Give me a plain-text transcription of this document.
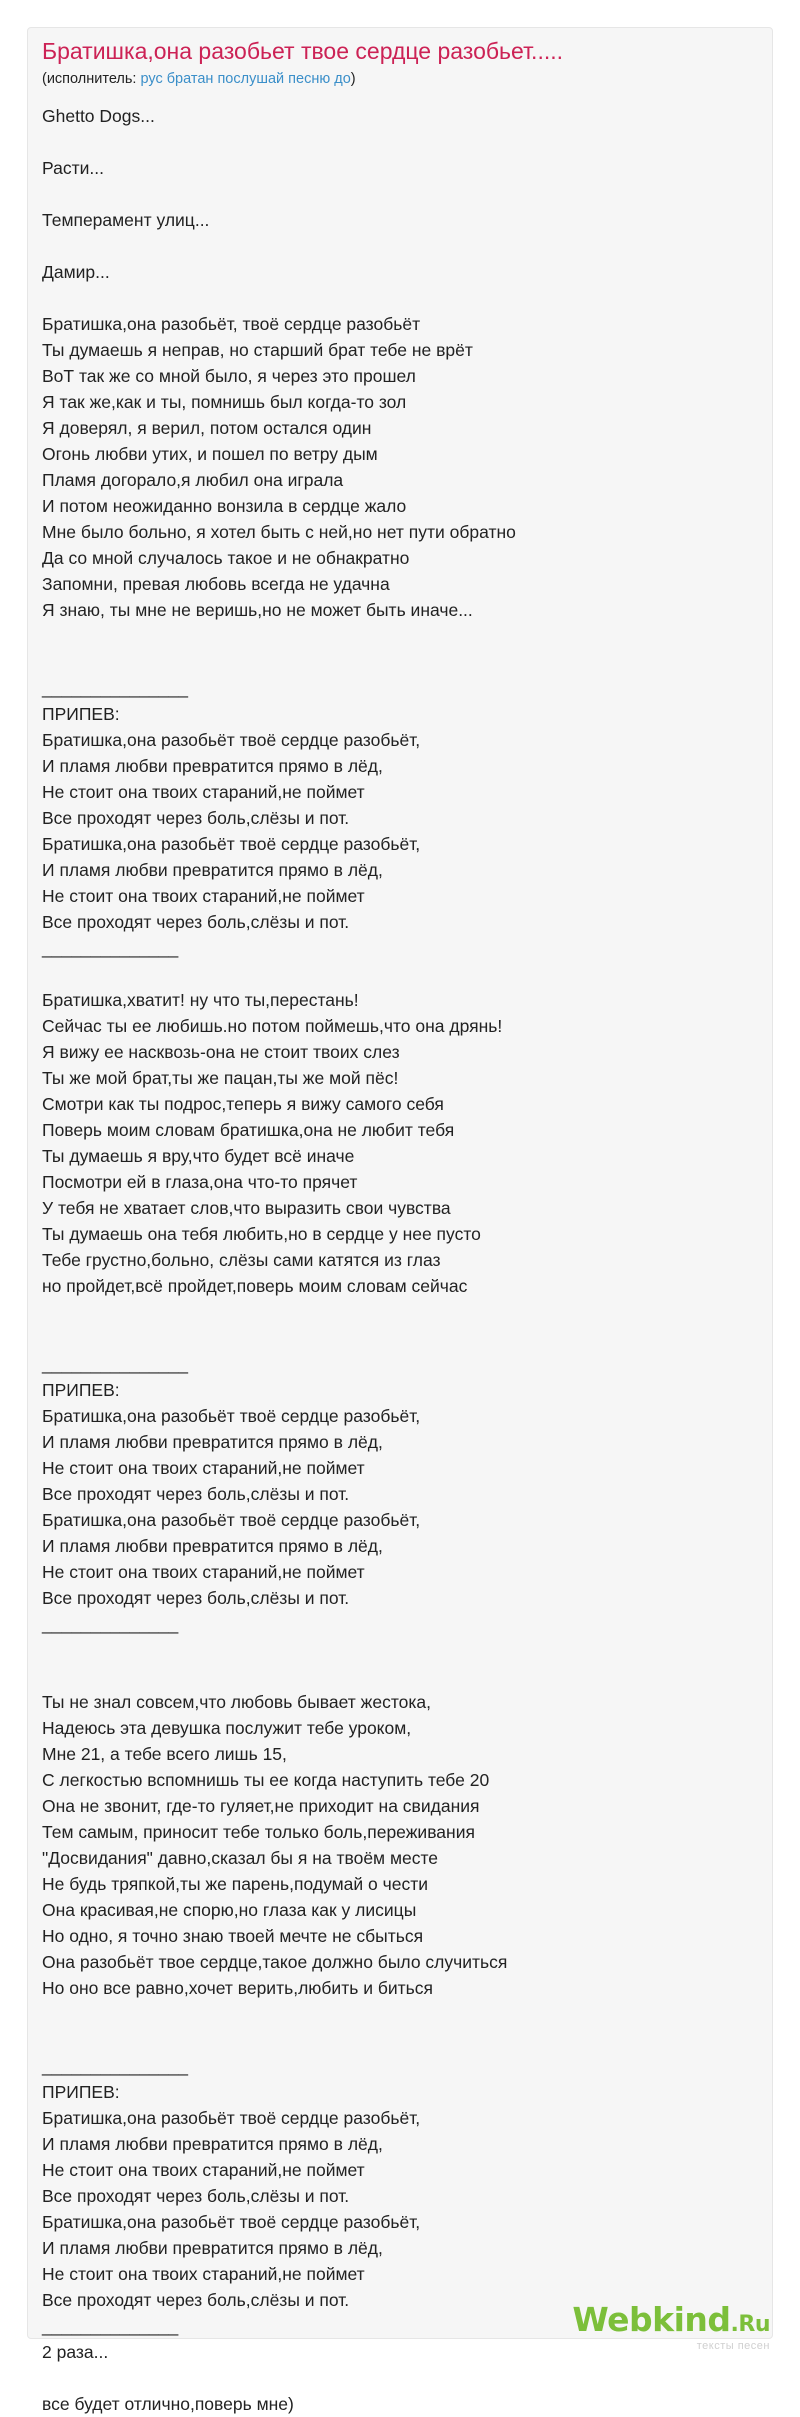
Братишка,она разобьет твое сердце разобьет.....
(исполнитель: рус братан послушай песню до)
Ghetto Dogs...
Расти...
Темперамент улиц...
Дамир...
Братишка,она разобьёт, твоё сердце разобьёт
Ты думаешь я неправ, но старший брат тебе не врёт
ВоТ так же со мной было, я через это прошел
Я так же,как и ты, помнишь был когда-то зол
Я доверял, я верил, потом остался один
Огонь любви утих, и пошел по ветру дым
Пламя догорало,я любил она играла
И потом неожиданно вонзила в сердце жало
Мне было больно, я хотел быть с ней,но нет пути обратно
Да со мной случалось такое и не обнакратно
Запомни, превая любовь всегда не удачна
Я знаю, ты мне не веришь,но не может быть иначе...
_______________
ПРИПЕВ:
Братишка,она разобьёт твоё сердце разобьёт,
И пламя любви превратится прямо в лёд,
Не стоит она твоих стараний,не поймет
Все проходят через боль,слёзы и пот.
Братишка,она разобьёт твоё сердце разобьёт,
И пламя любви превратится прямо в лёд,
Не стоит она твоих стараний,не поймет
Все проходят через боль,слёзы и пот.
______________
Братишка,хватит! ну что ты,перестань!
Сейчас ты ее любишь.но потом поймешь,что она дрянь!
Я вижу ее насквозь-она не стоит твоих слез
Ты же мой брат,ты же пацан,ты же мой пёс!
Смотри как ты подрос,теперь я вижу самого себя
Поверь моим словам братишка,она не любит тебя
Ты думаешь я вру,что будет всё иначе
Посмотри ей в глаза,она что-то прячет
У тебя не хватает слов,что выразить свои чувства
Ты думаешь она тебя любить,но в сердце у нее пусто
Тебе грустно,больно, слёзы сами катятся из глаз
но пройдет,всё пройдет,поверь моим словам сейчас
_______________
ПРИПЕВ:
Братишка,она разобьёт твоё сердце разобьёт,
И пламя любви превратится прямо в лёд,
Не стоит она твоих стараний,не поймет
Все проходят через боль,слёзы и пот.
Братишка,она разобьёт твоё сердце разобьёт,
И пламя любви превратится прямо в лёд,
Не стоит она твоих стараний,не поймет
Все проходят через боль,слёзы и пот.
______________
Ты не знал совсем,что любовь бывает жестока,
Надеюсь эта девушка послужит тебе уроком,
Мне 21, а тебе всего лишь 15,
С легкостью вспомнишь ты ее когда наступить тебе 20
Она не звонит, где-то гуляет,не приходит на свидания
Тем самым, приносит тебе только боль,переживания
"Досвидания" давно,сказал бы я на твоём месте
Не будь тряпкой,ты же парень,подумай о чести
Она красивая,не спорю,но глаза как у лисицы
Но одно, я точно знаю твоей мечте не сбыться
Она разобьёт твое сердце,такое должно было случиться
Но оно все равно,хочет верить,любить и биться
_______________
ПРИПЕВ:
Братишка,она разобьёт твоё сердце разобьёт,
И пламя любви превратится прямо в лёд,
Не стоит она твоих стараний,не поймет
Все проходят через боль,слёзы и пот.
Братишка,она разобьёт твоё сердце разобьёт,
И пламя любви превратится прямо в лёд,
Не стоит она твоих стараний,не поймет
Все проходят через боль,слёзы и пот.
______________
2 раза...
все будет отлично,поверь мне)
Webkind.Ru
тексты песен
